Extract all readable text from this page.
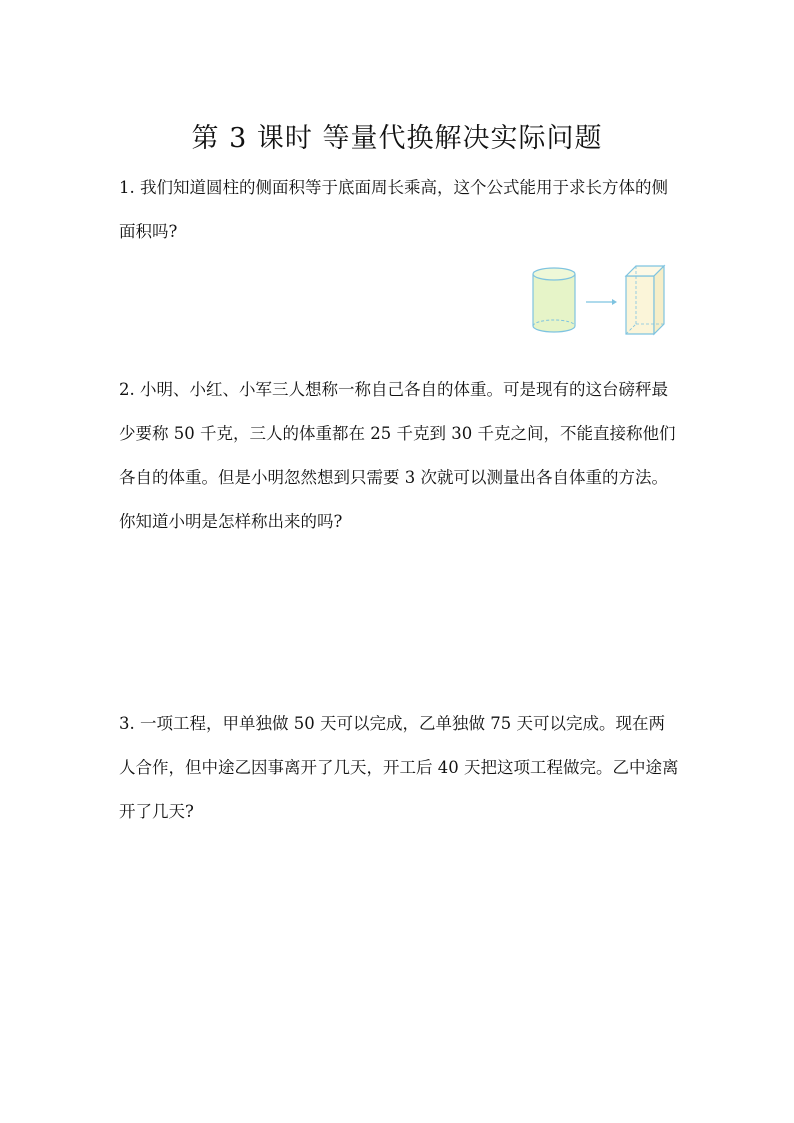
第 3 课时 等量代换解决实际问题

1. 我们知道圆柱的侧面积等于底面周长乘高，这个公式能用于求长方体的侧面积吗?

2. 小明、小红、小军三人想称一称自己各自的体重。可是现有的这台磅秤最少要称 50 千克，三人的体重都在 25 千克到 30 千克之间，不能直接称他们各自的体重。但是小明忽然想到只需要 3 次就可以测量出各自体重的方法。你知道小明是怎样称出来的吗?

3. 一项工程，甲单独做 50 天可以完成，乙单独做 75 天可以完成。现在两人合作，但中途乙因事离开了几天，开工后 40 天把这项工程做完。乙中途离开了几天?
